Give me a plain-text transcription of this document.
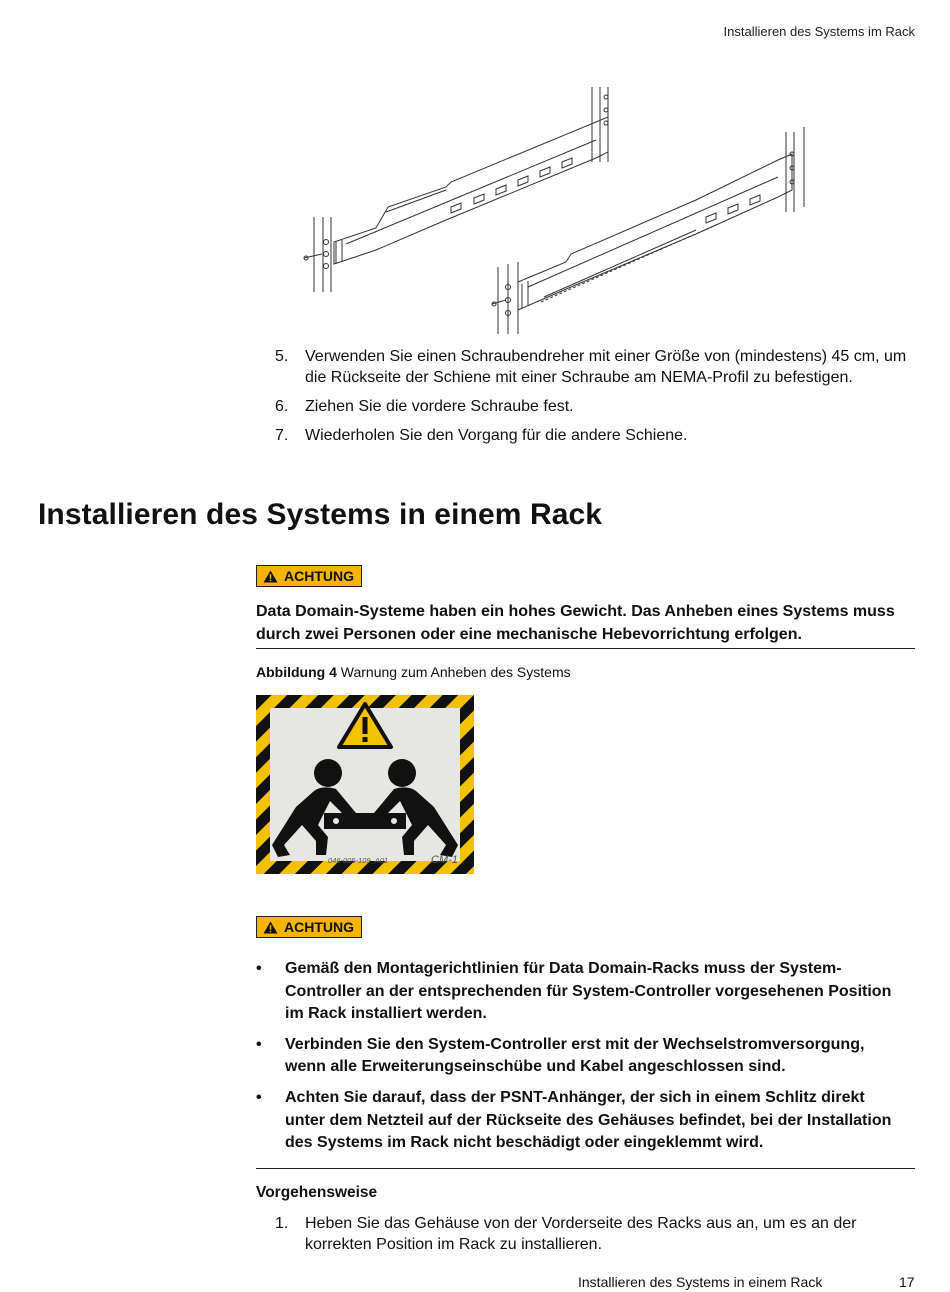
Installieren des Systems im Rack
5. Verwenden Sie einen Schraubendreher mit einer Größe von (mindestens) 45 cm, um die Rückseite der Schiene mit einer Schraube am NEMA-Profil zu befestigen.
6. Ziehen Sie die vordere Schraube fest.
7. Wiederholen Sie den Vorgang für die andere Schiene.
Installieren des Systems in einem Rack
ACHTUNG
Data Domain-Systeme haben ein hohes Gewicht. Das Anheben eines Systems muss durch zwei Personen oder eine mechanische Hebevorrichtung erfolgen.
Abbildung 4 Warnung zum Anheben des Systems
046-005-109_A01	CM-1
ACHTUNG
• Gemäß den Montagerichtlinien für Data Domain-Racks muss der System-Controller an der entsprechenden für System-Controller vorgesehenen Position im Rack installiert werden.
• Verbinden Sie den System-Controller erst mit der Wechselstromversorgung, wenn alle Erweiterungseinschübe und Kabel angeschlossen sind.
• Achten Sie darauf, dass der PSNT-Anhänger, der sich in einem Schlitz direkt unter dem Netzteil auf der Rückseite des Gehäuses befindet, bei der Installation des Systems im Rack nicht beschädigt oder eingeklemmt wird.
Vorgehensweise
1. Heben Sie das Gehäuse von der Vorderseite des Racks aus an, um es an der korrekten Position im Rack zu installieren.
Installieren des Systems in einem Rack	17
